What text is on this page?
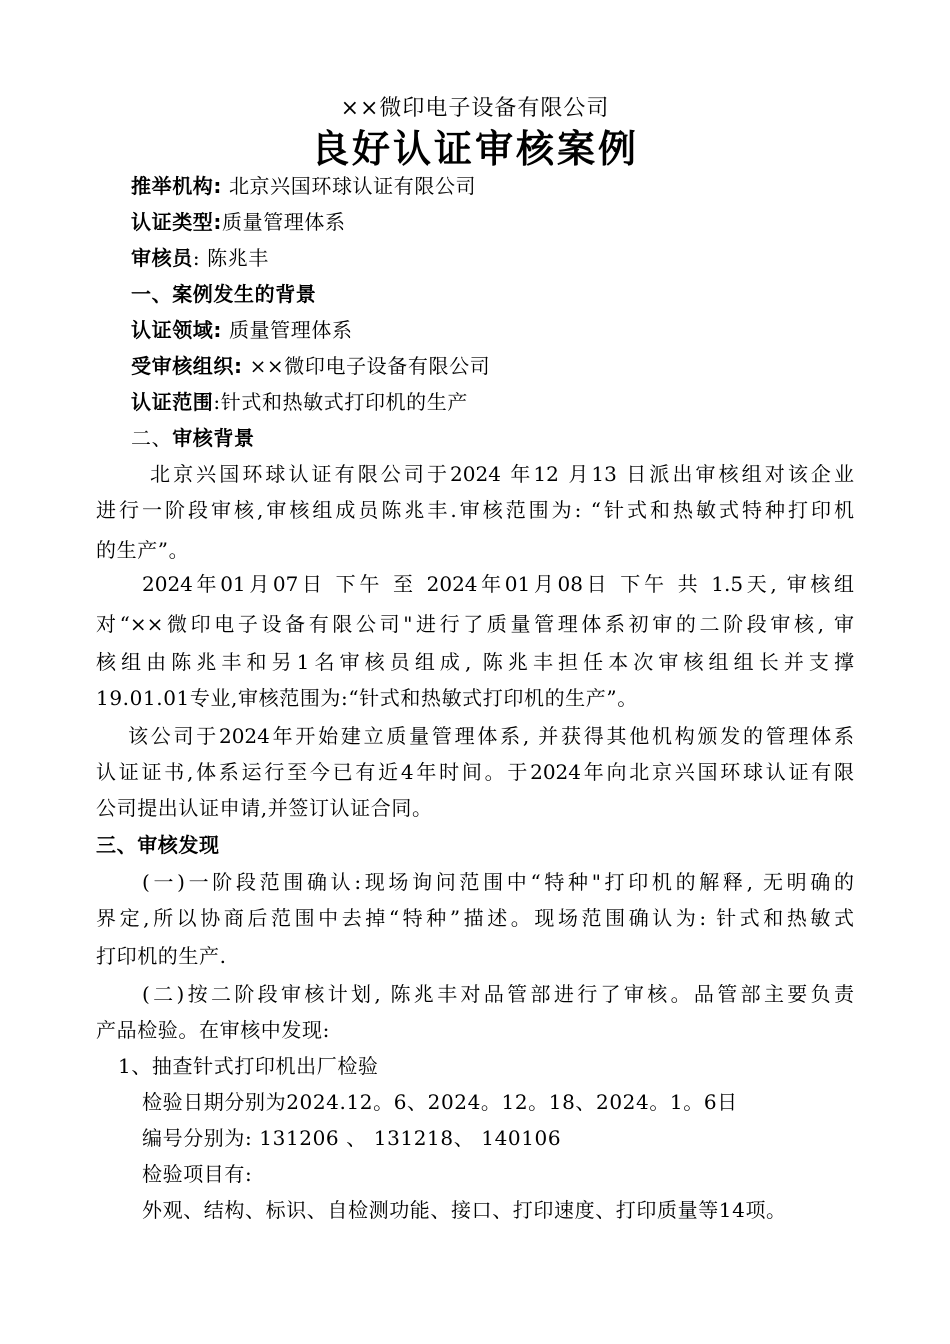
××微印电子设备有限公司
良好认证审核案例
推举机构: 北京兴国环球认证有限公司
认证类型:质量管理体系
审核员: 陈兆丰
一、案例发生的背景
认证领域: 质量管理体系
受审核组织: ××微印电子设备有限公司
认证范围:针式和热敏式打印机的生产
二、审核背景
北京兴国环球认证有限公司于2024 年12 月13 日派出审核组对该企业
进行一阶段审核,审核组成员陈兆丰.审核范围为: “针式和热敏式特种打印机
的生产”。
2024年01月07日 下午 至 2024年01月08日 下午 共 1.5天, 审核组
对“××微印电子设备有限公司"进行了质量管理体系初审的二阶段审核, 审
核组由陈兆丰和另1名审核员组成, 陈兆丰担任本次审核组组长并支撑
19.01.01专业,审核范围为:“针式和热敏式打印机的生产”。
该公司于2024年开始建立质量管理体系, 并获得其他机构颁发的管理体系
认证证书,体系运行至今已有近4年时间。于2024年向北京兴国环球认证有限
公司提出认证申请,并签订认证合同。
三、审核发现
(一)一阶段范围确认:现场询问范围中“特种"打印机的解释, 无明确的
界定,所以协商后范围中去掉“特种”描述。现场范围确认为: 针式和热敏式
打印机的生产.
(二)按二阶段审核计划, 陈兆丰对品管部进行了审核。品管部主要负责
产品检验。在审核中发现:
1、抽查针式打印机出厂检验
检验日期分别为2024.12。6、2024。12。18、2024。1。6日
编号分别为: 131206 、 131218、 140106
检验项目有:
外观、结构、标识、自检测功能、接口、打印速度、打印质量等14项。
